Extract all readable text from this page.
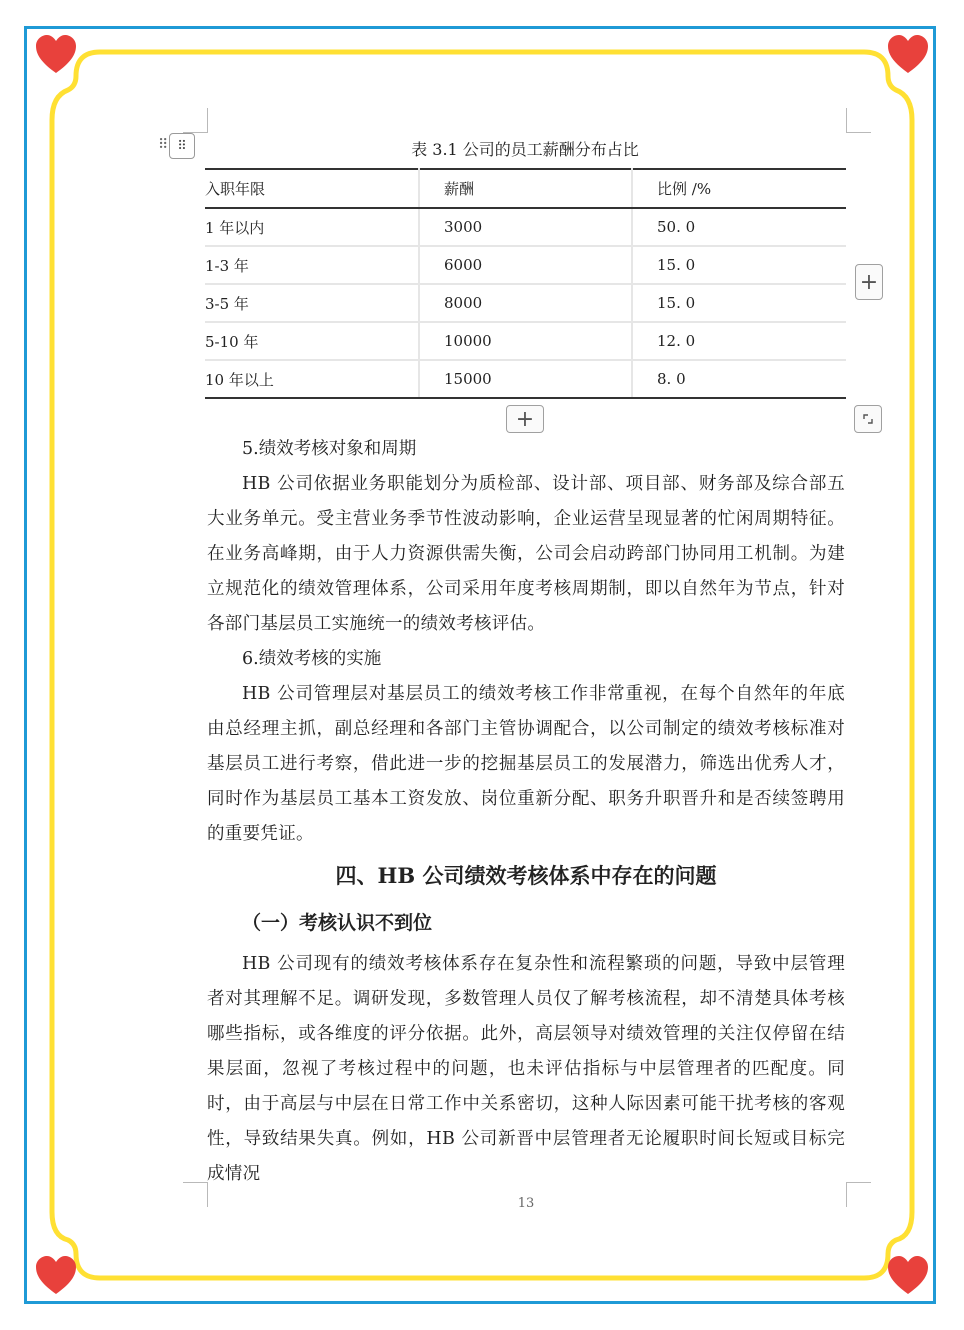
⠿ ⠿	表 3.1 公司的员工薪酬分布占比
入职年限	薪酬	比例 /%
1 年以内	3000	50. 0
1-3 年	6000	15. 0
3-5 年	8000	15. 0
5-10 年	10000	12. 0
10 年以上	15000	8. 0
+
+
5.绩效考核对象和周期
HB 公司依据业务职能划分为质检部、设计部、项目部、财务部及综合部五大业务单元。受主营业务季节性波动影响，企业运营呈现显著的忙闲周期特征。在业务高峰期，由于人力资源供需失衡，公司会启动跨部门协同用工机制。为建立规范化的绩效管理体系，公司采用年度考核周期制，即以自然年为节点，针对各部门基层员工实施统一的绩效考核评估。
6.绩效考核的实施
HB 公司管理层对基层员工的绩效考核工作非常重视，在每个自然年的年底由总经理主抓，副总经理和各部门主管协调配合，以公司制定的绩效考核标准对基层员工进行考察，借此进一步的挖掘基层员工的发展潜力，筛选出优秀人才，同时作为基层员工基本工资发放、岗位重新分配、职务升职晋升和是否续签聘用的重要凭证。
四、HB 公司绩效考核体系中存在的问题
（一）考核认识不到位
HB 公司现有的绩效考核体系存在复杂性和流程繁琐的问题，导致中层管理者对其理解不足。调研发现，多数管理人员仅了解考核流程，却不清楚具体考核哪些指标，或各维度的评分依据。此外，高层领导对绩效管理的关注仅停留在结果层面，忽视了考核过程中的问题，也未评估指标与中层管理者的匹配度。同时，由于高层与中层在日常工作中关系密切，这种人际因素可能干扰考核的客观性，导致结果失真。例如，HB 公司新晋中层管理者无论履职时间长短或目标完成情况
13
